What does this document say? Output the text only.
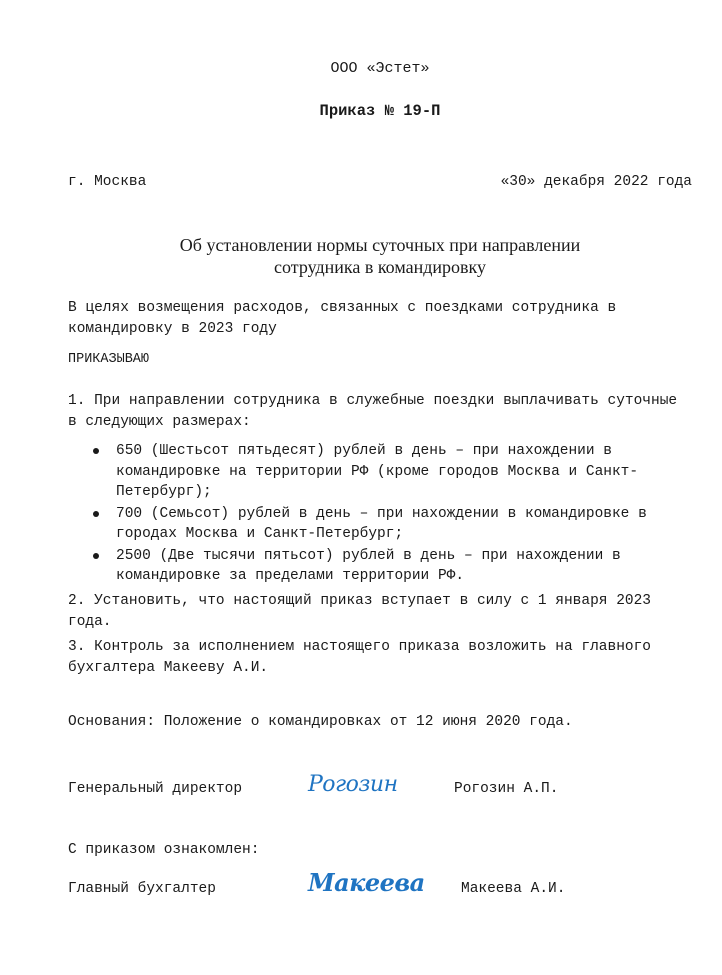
ООО «Эстет»
Приказ № 19-П
г. Москва	«30» декабря 2022 года
Об установлении нормы суточных при направлении
сотрудника в командировку
В целях возмещения расходов, связанных с поездками сотрудника в командировку в 2023 году
ПРИКАЗЫВАЮ
1. При направлении сотрудника в служебные поездки выплачивать суточные в следующих размерах:
650 (Шестьсот пятьдесят) рублей в день – при нахождении в командировке на территории РФ (кроме городов Москва и Санкт-Петербург);
700 (Семьсот) рублей в день – при нахождении в командировке в городах Москва и Санкт-Петербург;
2500 (Две тысячи пятьсот) рублей в день – при нахождении в командировке за пределами территории РФ.
2. Установить, что настоящий приказ вступает в силу с 1 января 2023 года.
3. Контроль за исполнением настоящего приказа возложить на главного бухгалтера Макееву А.И.
Основания: Положение о командировках от 12 июня 2020 года.
Генеральный директор	Рогозин	Рогозин А.П.
С приказом ознакомлен:
Главный бухгалтер	Макеева	Макеева А.И.
